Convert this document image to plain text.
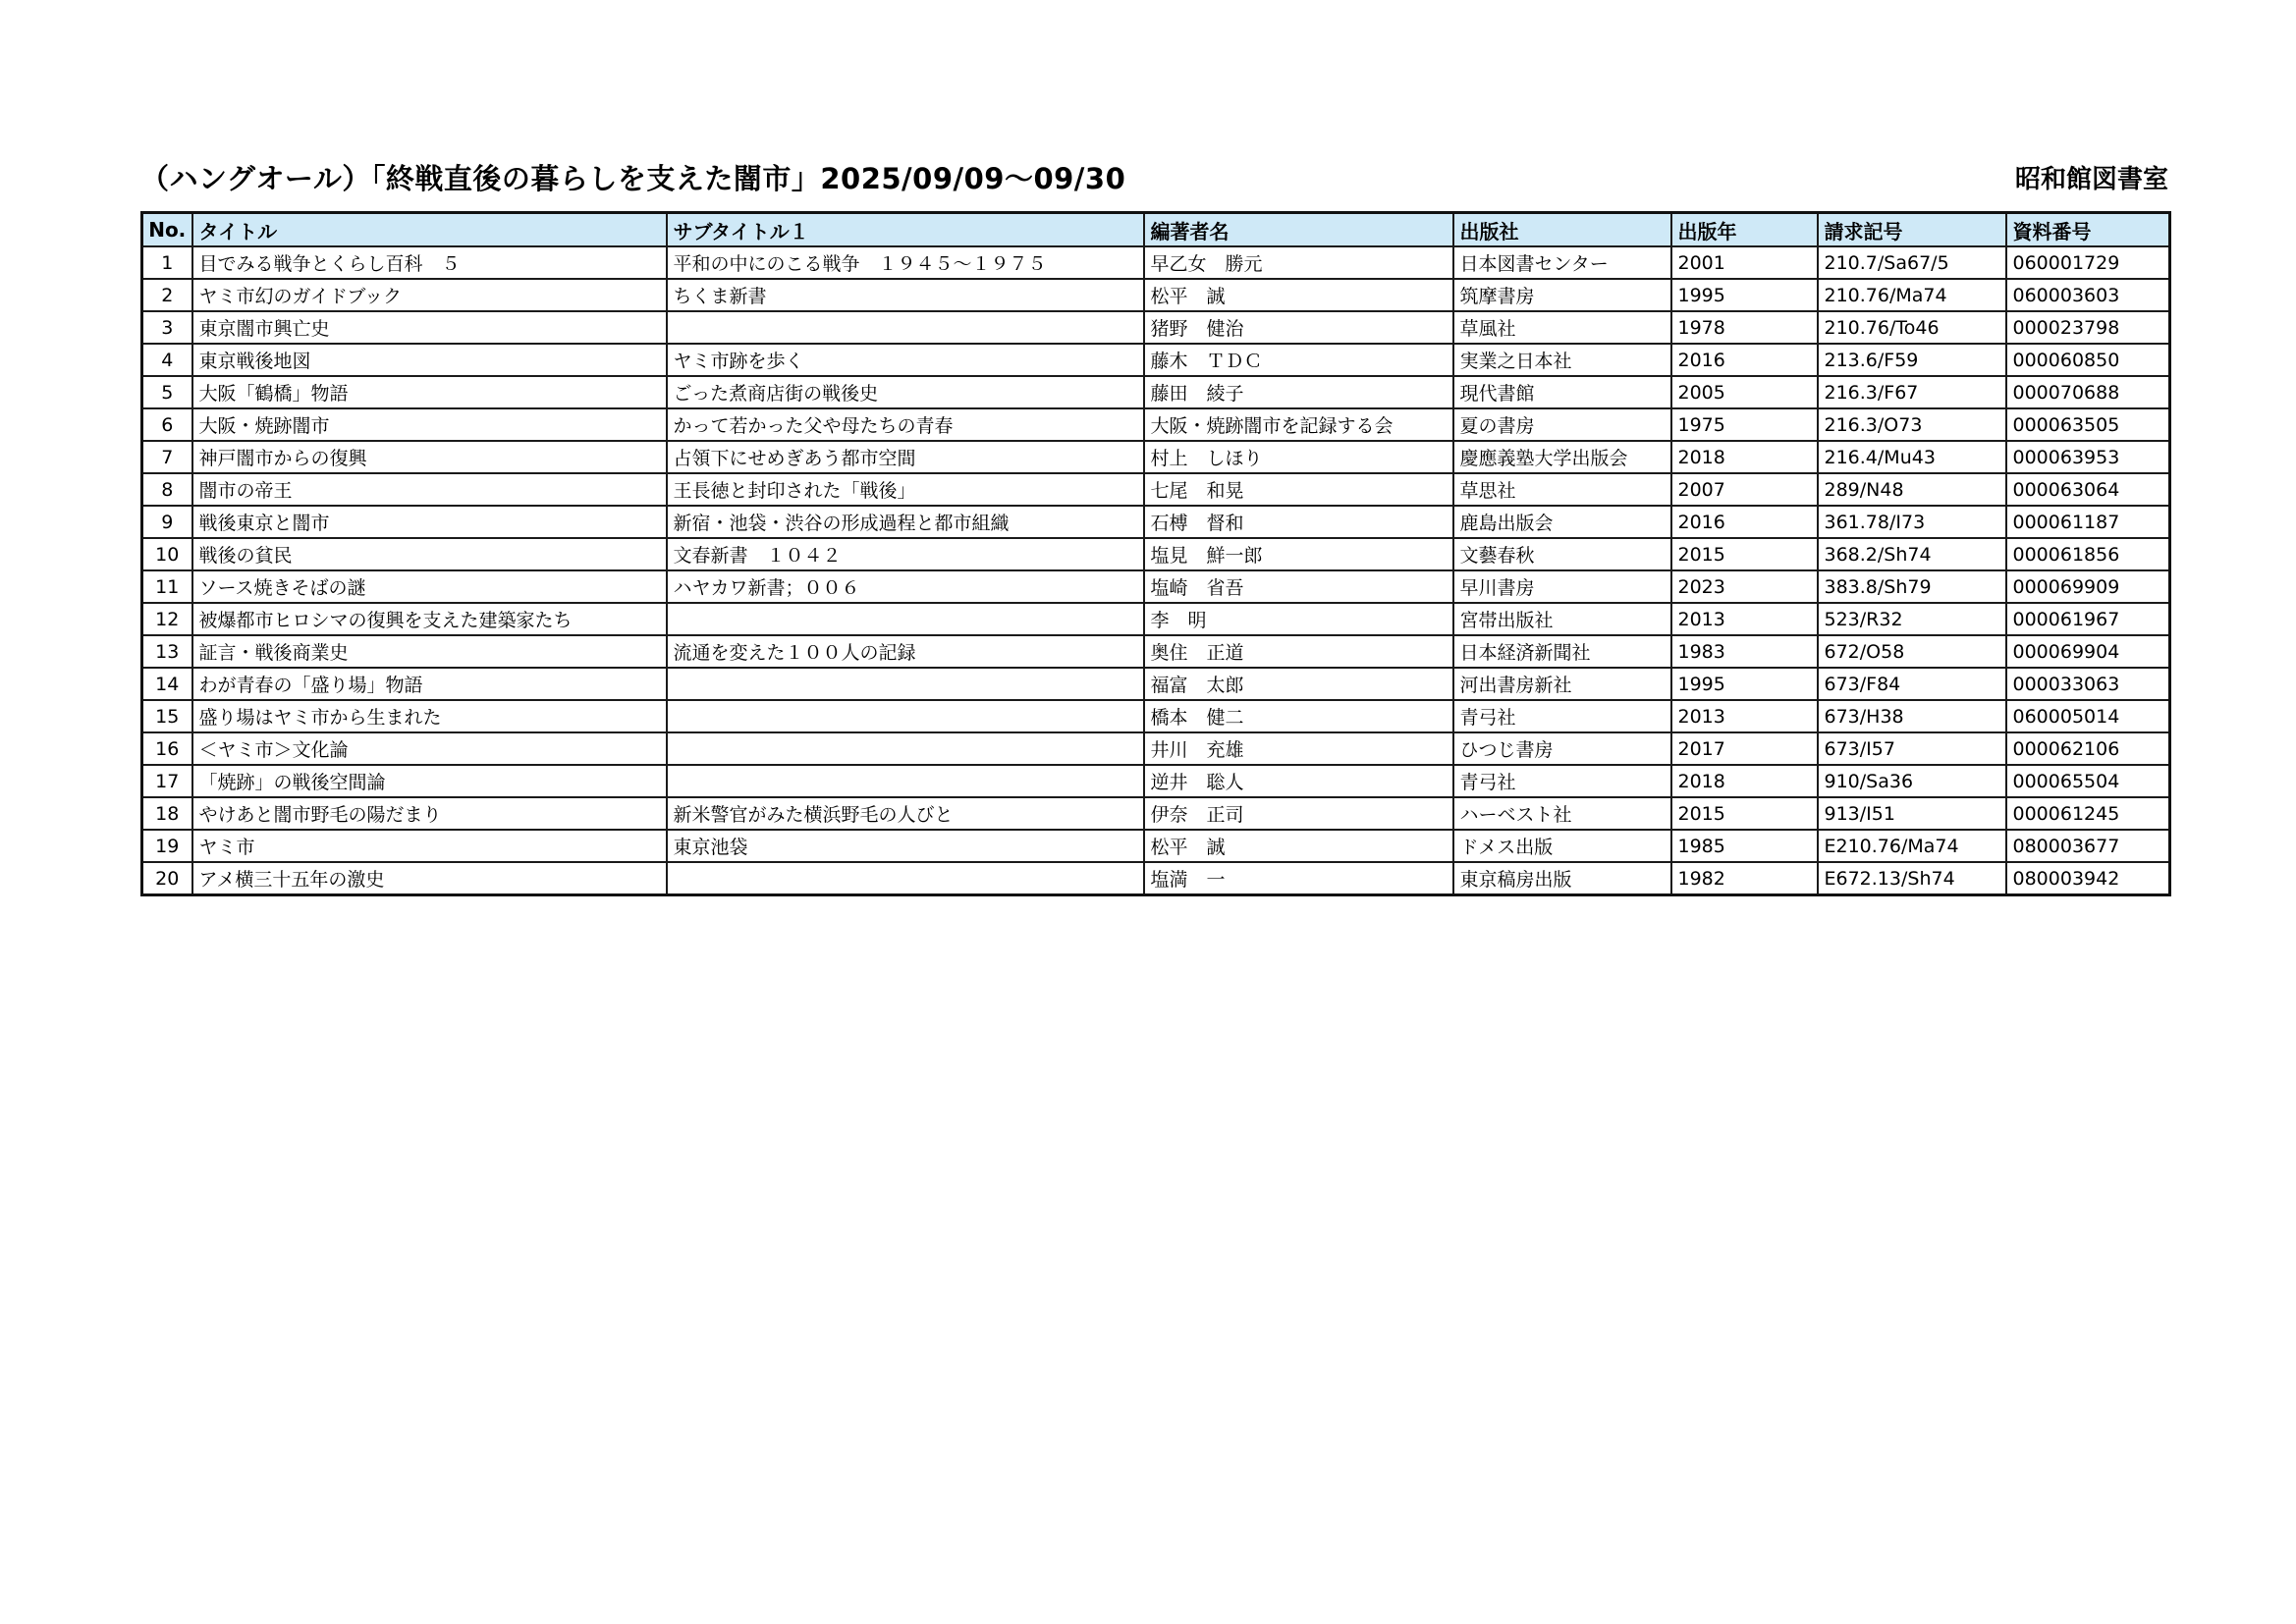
（ハングオール）「終戦直後の暮らしを支えた闇市」2025/09/09～09/30	昭和館図書室
No.	タイトル	サブタイトル１	編著者名	出版社	出版年	請求記号	資料番号
1	目でみる戦争とくらし百科　５	平和の中にのこる戦争　１９４５～１９７５	早乙女　勝元	日本図書センター	2001	210.7/Sa67/5	060001729
2	ヤミ市幻のガイドブック	ちくま新書	松平　誠	筑摩書房	1995	210.76/Ma74	060003603
3	東京闇市興亡史		猪野　健治	草風社	1978	210.76/To46	000023798
4	東京戦後地図	ヤミ市跡を歩く	藤木　ＴＤＣ	実業之日本社	2016	213.6/F59	000060850
5	大阪「鶴橋」物語	ごった煮商店街の戦後史	藤田　綾子	現代書館	2005	216.3/F67	000070688
6	大阪・焼跡闇市	かって若かった父や母たちの青春	大阪・焼跡闇市を記録する会	夏の書房	1975	216.3/O73	000063505
7	神戸闇市からの復興	占領下にせめぎあう都市空間	村上　しほり	慶應義塾大学出版会	2018	216.4/Mu43	000063953
8	闇市の帝王	王長徳と封印された「戦後」	七尾　和晃	草思社	2007	289/N48	000063064
9	戦後東京と闇市	新宿・池袋・渋谷の形成過程と都市組織	石榑　督和	鹿島出版会	2016	361.78/I73	000061187
10	戦後の貧民	文春新書　１０４２	塩見　鮮一郎	文藝春秋	2015	368.2/Sh74	000061856
11	ソース焼きそばの謎	ハヤカワ新書；００６	塩崎　省吾	早川書房	2023	383.8/Sh79	000069909
12	被爆都市ヒロシマの復興を支えた建築家たち		李　明	宮帯出版社	2013	523/R32	000061967
13	証言・戦後商業史	流通を変えた１００人の記録	奥住　正道	日本経済新聞社	1983	672/O58	000069904
14	わが青春の「盛り場」物語		福富　太郎	河出書房新社	1995	673/F84	000033063
15	盛り場はヤミ市から生まれた		橋本　健二	青弓社	2013	673/H38	060005014
16	＜ヤミ市＞文化論		井川　充雄	ひつじ書房	2017	673/I57	000062106
17	「焼跡」の戦後空間論		逆井　聡人	青弓社	2018	910/Sa36	000065504
18	やけあと闇市野毛の陽だまり	新米警官がみた横浜野毛の人びと	伊奈　正司	ハーベスト社	2015	913/I51	000061245
19	ヤミ市	東京池袋	松平　誠	ドメス出版	1985	E210.76/Ma74	080003677
20	アメ横三十五年の激史		塩満　一	東京稿房出版	1982	E672.13/Sh74	080003942
